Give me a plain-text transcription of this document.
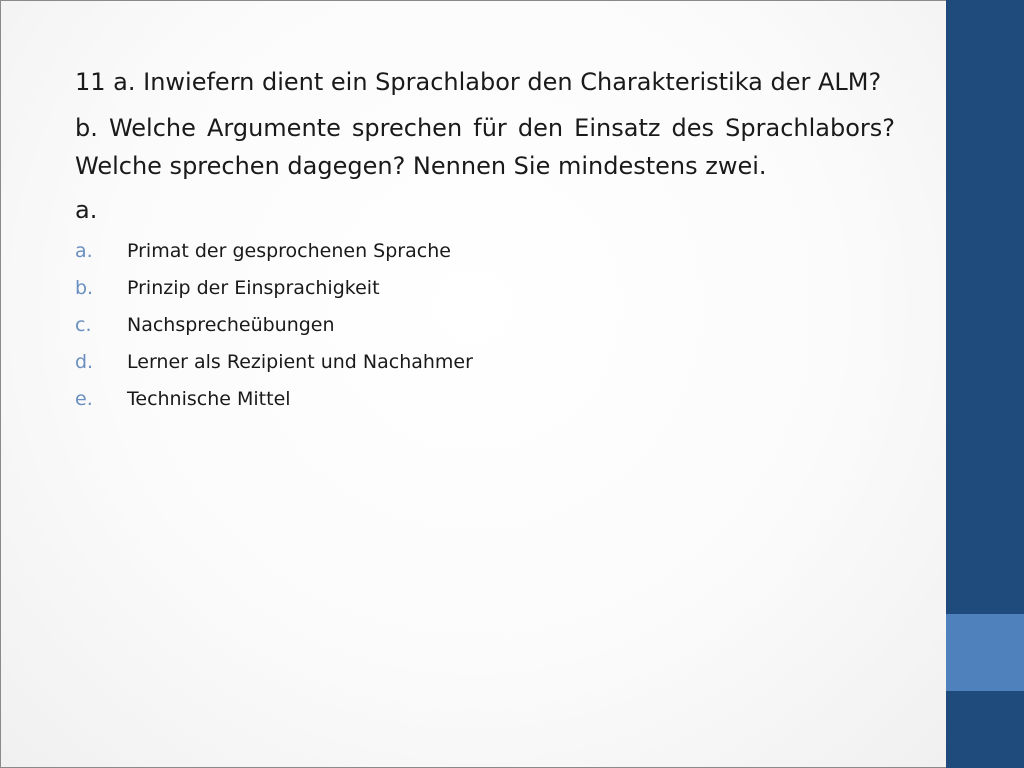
11 a. Inwiefern dient ein Sprachlabor den Charakteristika der ALM?

b. Welche Argumente sprechen für den Einsatz des Sprachlabors? Welche sprechen dagegen? Nennen Sie mindestens zwei.

a.

a.	Primat der gesprochenen Sprache
b.	Prinzip der Einsprachigkeit
c.	Nachsprecheübungen
d.	Lerner als Rezipient und Nachahmer
e.	Technische Mittel
